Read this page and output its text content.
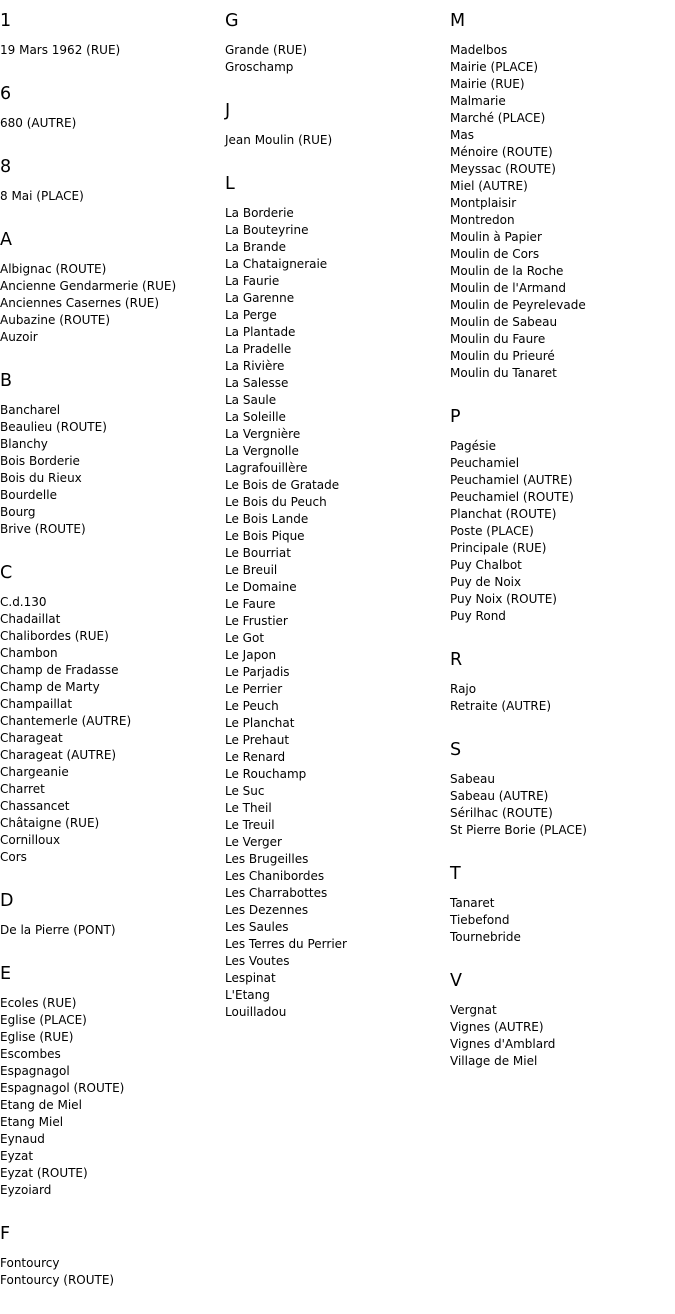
1
19 Mars 1962 (RUE)
6
680 (AUTRE)
8
8 Mai (PLACE)
A
Albignac (ROUTE)
Ancienne Gendarmerie (RUE)
Anciennes Casernes (RUE)
Aubazine (ROUTE)
Auzoir
B
Bancharel
Beaulieu (ROUTE)
Blanchy
Bois Borderie
Bois du Rieux
Bourdelle
Bourg
Brive (ROUTE)
C
C.d.130
Chadaillat
Chalibordes (RUE)
Chambon
Champ de Fradasse
Champ de Marty
Champaillat
Chantemerle (AUTRE)
Charageat
Charageat (AUTRE)
Chargeanie
Charret
Chassancet
Châtaigne (RUE)
Cornilloux
Cors
D
De la Pierre (PONT)
E
Ecoles (RUE)
Eglise (PLACE)
Eglise (RUE)
Escombes
Espagnagol
Espagnagol (ROUTE)
Etang de Miel
Etang Miel
Eynaud
Eyzat
Eyzat (ROUTE)
Eyzoiard
F
Fontourcy
Fontourcy (ROUTE)
G
Grande (RUE)
Groschamp
J
Jean Moulin (RUE)
L
La Borderie
La Bouteyrine
La Brande
La Chataigneraie
La Faurie
La Garenne
La Perge
La Plantade
La Pradelle
La Rivière
La Salesse
La Saule
La Soleille
La Vergnière
La Vergnolle
Lagrafouillère
Le Bois de Gratade
Le Bois du Peuch
Le Bois Lande
Le Bois Pique
Le Bourriat
Le Breuil
Le Domaine
Le Faure
Le Frustier
Le Got
Le Japon
Le Parjadis
Le Perrier
Le Peuch
Le Planchat
Le Prehaut
Le Renard
Le Rouchamp
Le Suc
Le Theil
Le Treuil
Le Verger
Les Brugeilles
Les Chanibordes
Les Charrabottes
Les Dezennes
Les Saules
Les Terres du Perrier
Les Voutes
Lespinat
L'Etang
Louilladou
M
Madelbos
Mairie (PLACE)
Mairie (RUE)
Malmarie
Marché (PLACE)
Mas
Ménoire (ROUTE)
Meyssac (ROUTE)
Miel (AUTRE)
Montplaisir
Montredon
Moulin à Papier
Moulin de Cors
Moulin de la Roche
Moulin de l'Armand
Moulin de Peyrelevade
Moulin de Sabeau
Moulin du Faure
Moulin du Prieuré
Moulin du Tanaret
P
Pagésie
Peuchamiel
Peuchamiel (AUTRE)
Peuchamiel (ROUTE)
Planchat (ROUTE)
Poste (PLACE)
Principale (RUE)
Puy Chalbot
Puy de Noix
Puy Noix (ROUTE)
Puy Rond
R
Rajo
Retraite (AUTRE)
S
Sabeau
Sabeau (AUTRE)
Sérilhac (ROUTE)
St Pierre Borie (PLACE)
T
Tanaret
Tiebefond
Tournebride
V
Vergnat
Vignes (AUTRE)
Vignes d'Amblard
Village de Miel
